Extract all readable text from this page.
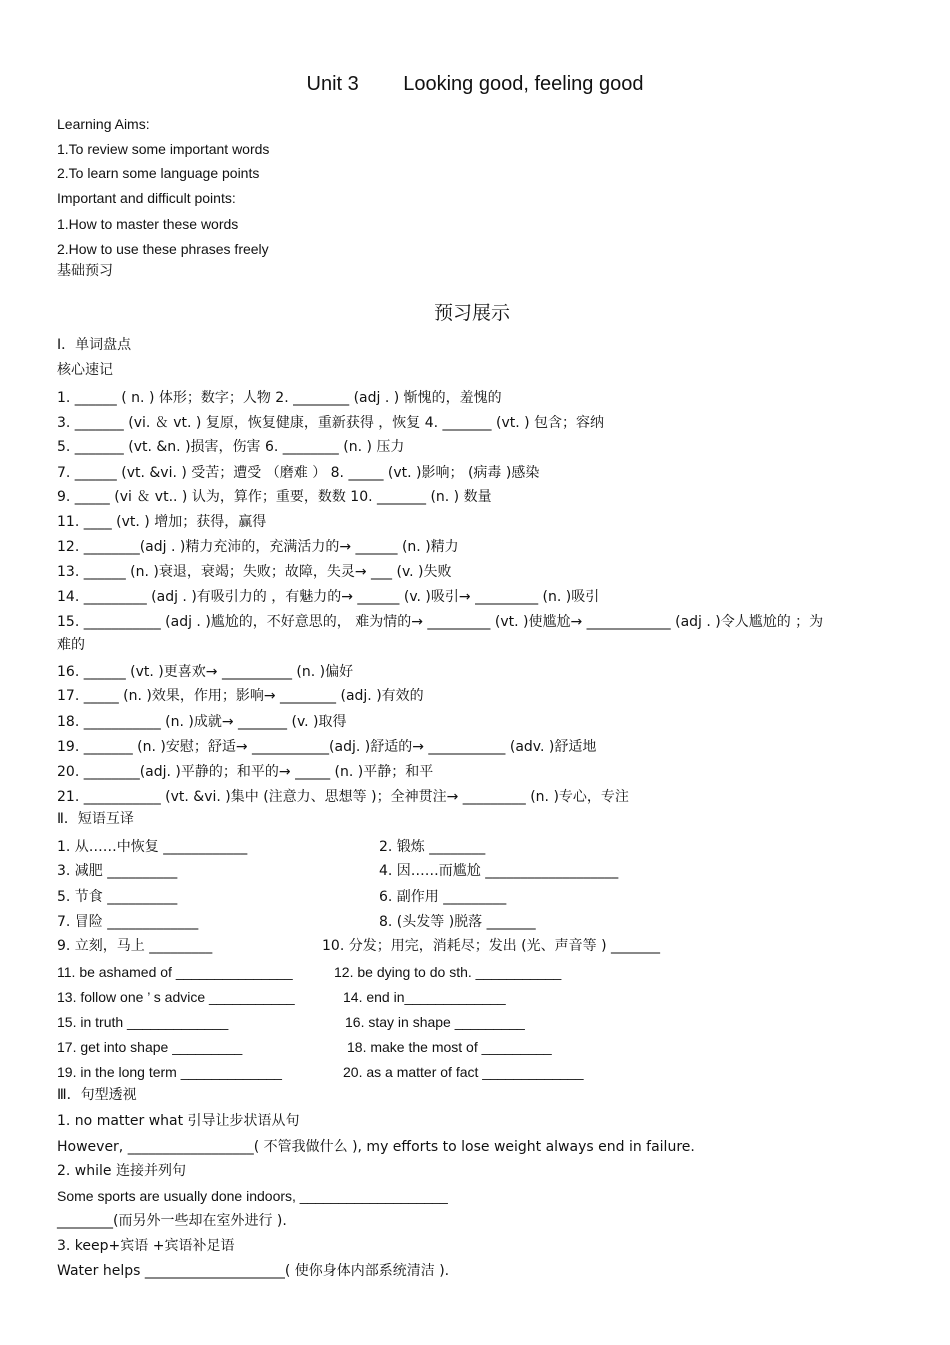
Unit 3        Looking good, feeling good
Learning Aims:
1.To review some important words
2.To learn some language points
Important and difficult points:
1.How to master these words
2.How to use these phrases freely
基础预习
预习展示
Ⅰ．单词盘点
核心速记
1. ______ ( n. ) 体形；数字；人物 2. ________ (adj . ) 惭愧的，羞愧的
3. _______ (vi. ＆ vt. ) 复原，恢复健康，重新获得 ，恢复 4. _______ (vt. ) 包含；容纳
5. _______ (vt. &n. )损害，伤害 6. ________ (n. ) 压力
7. ______ (vt. &vi. ) 受苦；遭受 （磨难 ） 8. _____ (vt. )影响； (病毒 )感染
9. _____ (vi ＆ vt.. ) 认为，算作；重要，数数 10. _______ (n. ) 数量
11. ____ (vt. ) 增加；获得，赢得
12. ________(adj . )精力充沛的，充满活力的→ ______ (n. )精力
13. ______ (n. )衰退，衰竭；失败；故障，失灵→ ___ (v. )失败
14. _________ (adj . )有吸引力的 ，有魅力的→ ______ (v. )吸引→ _________ (n. )吸引
15. ___________ (adj . )尴尬的，不好意思的， 难为情的→ _________ (vt. )使尴尬→ ____________ (adj . )令人尴尬的 ；为
难的
16. ______ (vt. )更喜欢→ __________ (n. )偏好
17. _____ (n. )效果，作用；影响→ ________ (adj. )有效的
18. ___________ (n. )成就→ _______ (v. )取得
19. _______ (n. )安慰；舒适→ ___________(adj. )舒适的→ ___________ (adv. )舒适地
20. ________(adj. )平静的；和平的→ _____ (n. )平静；和平
21. ___________ (vt. &vi. )集中 (注意力、思想等 )；全神贯注→ _________ (n. )专心，专注
Ⅱ．短语互译
1. 从……中恢复 ____________	2. 锻炼 ________
3. 减肥 __________	4. 因……而尴尬 ___________________
5. 节食 __________	6. 副作用 _________
7. 冒险 _____________	8. (头发等 )脱落 _______
9. 立刻，马上 _________	10. 分发；用完，消耗尽；发出 (光、声音等 ) _______
11. be ashamed of _______________	12. be dying to do sth. ___________
13. follow one ’ s advice ___________	14. end in_____________
15. in truth _____________	16. stay in shape _________
17. get into shape _________	18. make the most of _________
19. in the long term _____________	20. as a matter of fact _____________
Ⅲ．句型透视
1. no matter what 引导让步状语从句
However, __________________( 不管我做什么 ), my efforts to lose weight always end in failure.
2. while 连接并列句
Some sports are usually done indoors, ___________________
________(而另外一些却在室外进行 ).
3. keep+宾语 +宾语补足语
Water helps ____________________( 使你身体内部系统清洁 ).
